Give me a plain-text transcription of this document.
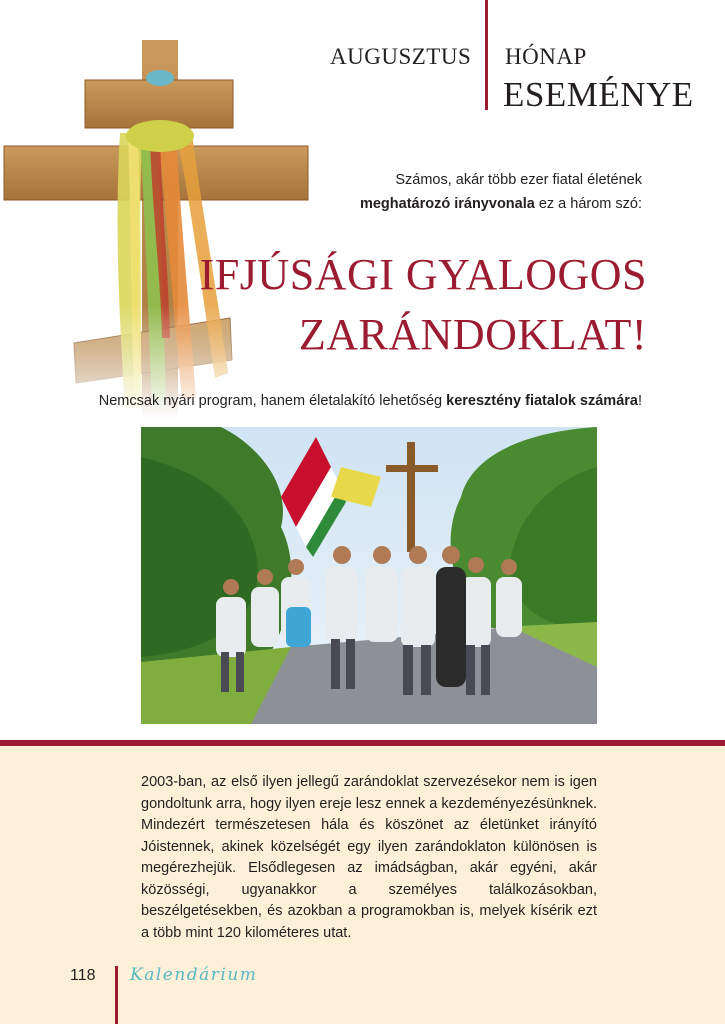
AUGUSZTUS HÓNAP
ESEMÉNYE
Számos, akár több ezer fiatal életének
meghatározó irányvonala ez a három szó:
IFJÚSÁGI GYALOGOS
ZARÁNDOKLAT!
Nemcsak nyári program, hanem életalakító lehetőség keresztény fiatalok számára!
2003-ban, az első ilyen jellegű zarándoklat szervezésekor nem is igen gondoltunk arra, hogy ilyen ereje lesz ennek a kezdeményezésünknek. Mindezért természetesen hála és köszönet az életünket irányító Jóistennek, akinek közelségét egy ilyen zarándoklaton különösen is megérezhejük. Elsődlegesen az imádságban, akár egyéni, akár közösségi, ugyanakkor a személyes találkozásokban, beszélgetésekben, és azokban a programokban is, melyek kísérik ezt a több mint 120 kilométeres utat.
118 Kalendárium
